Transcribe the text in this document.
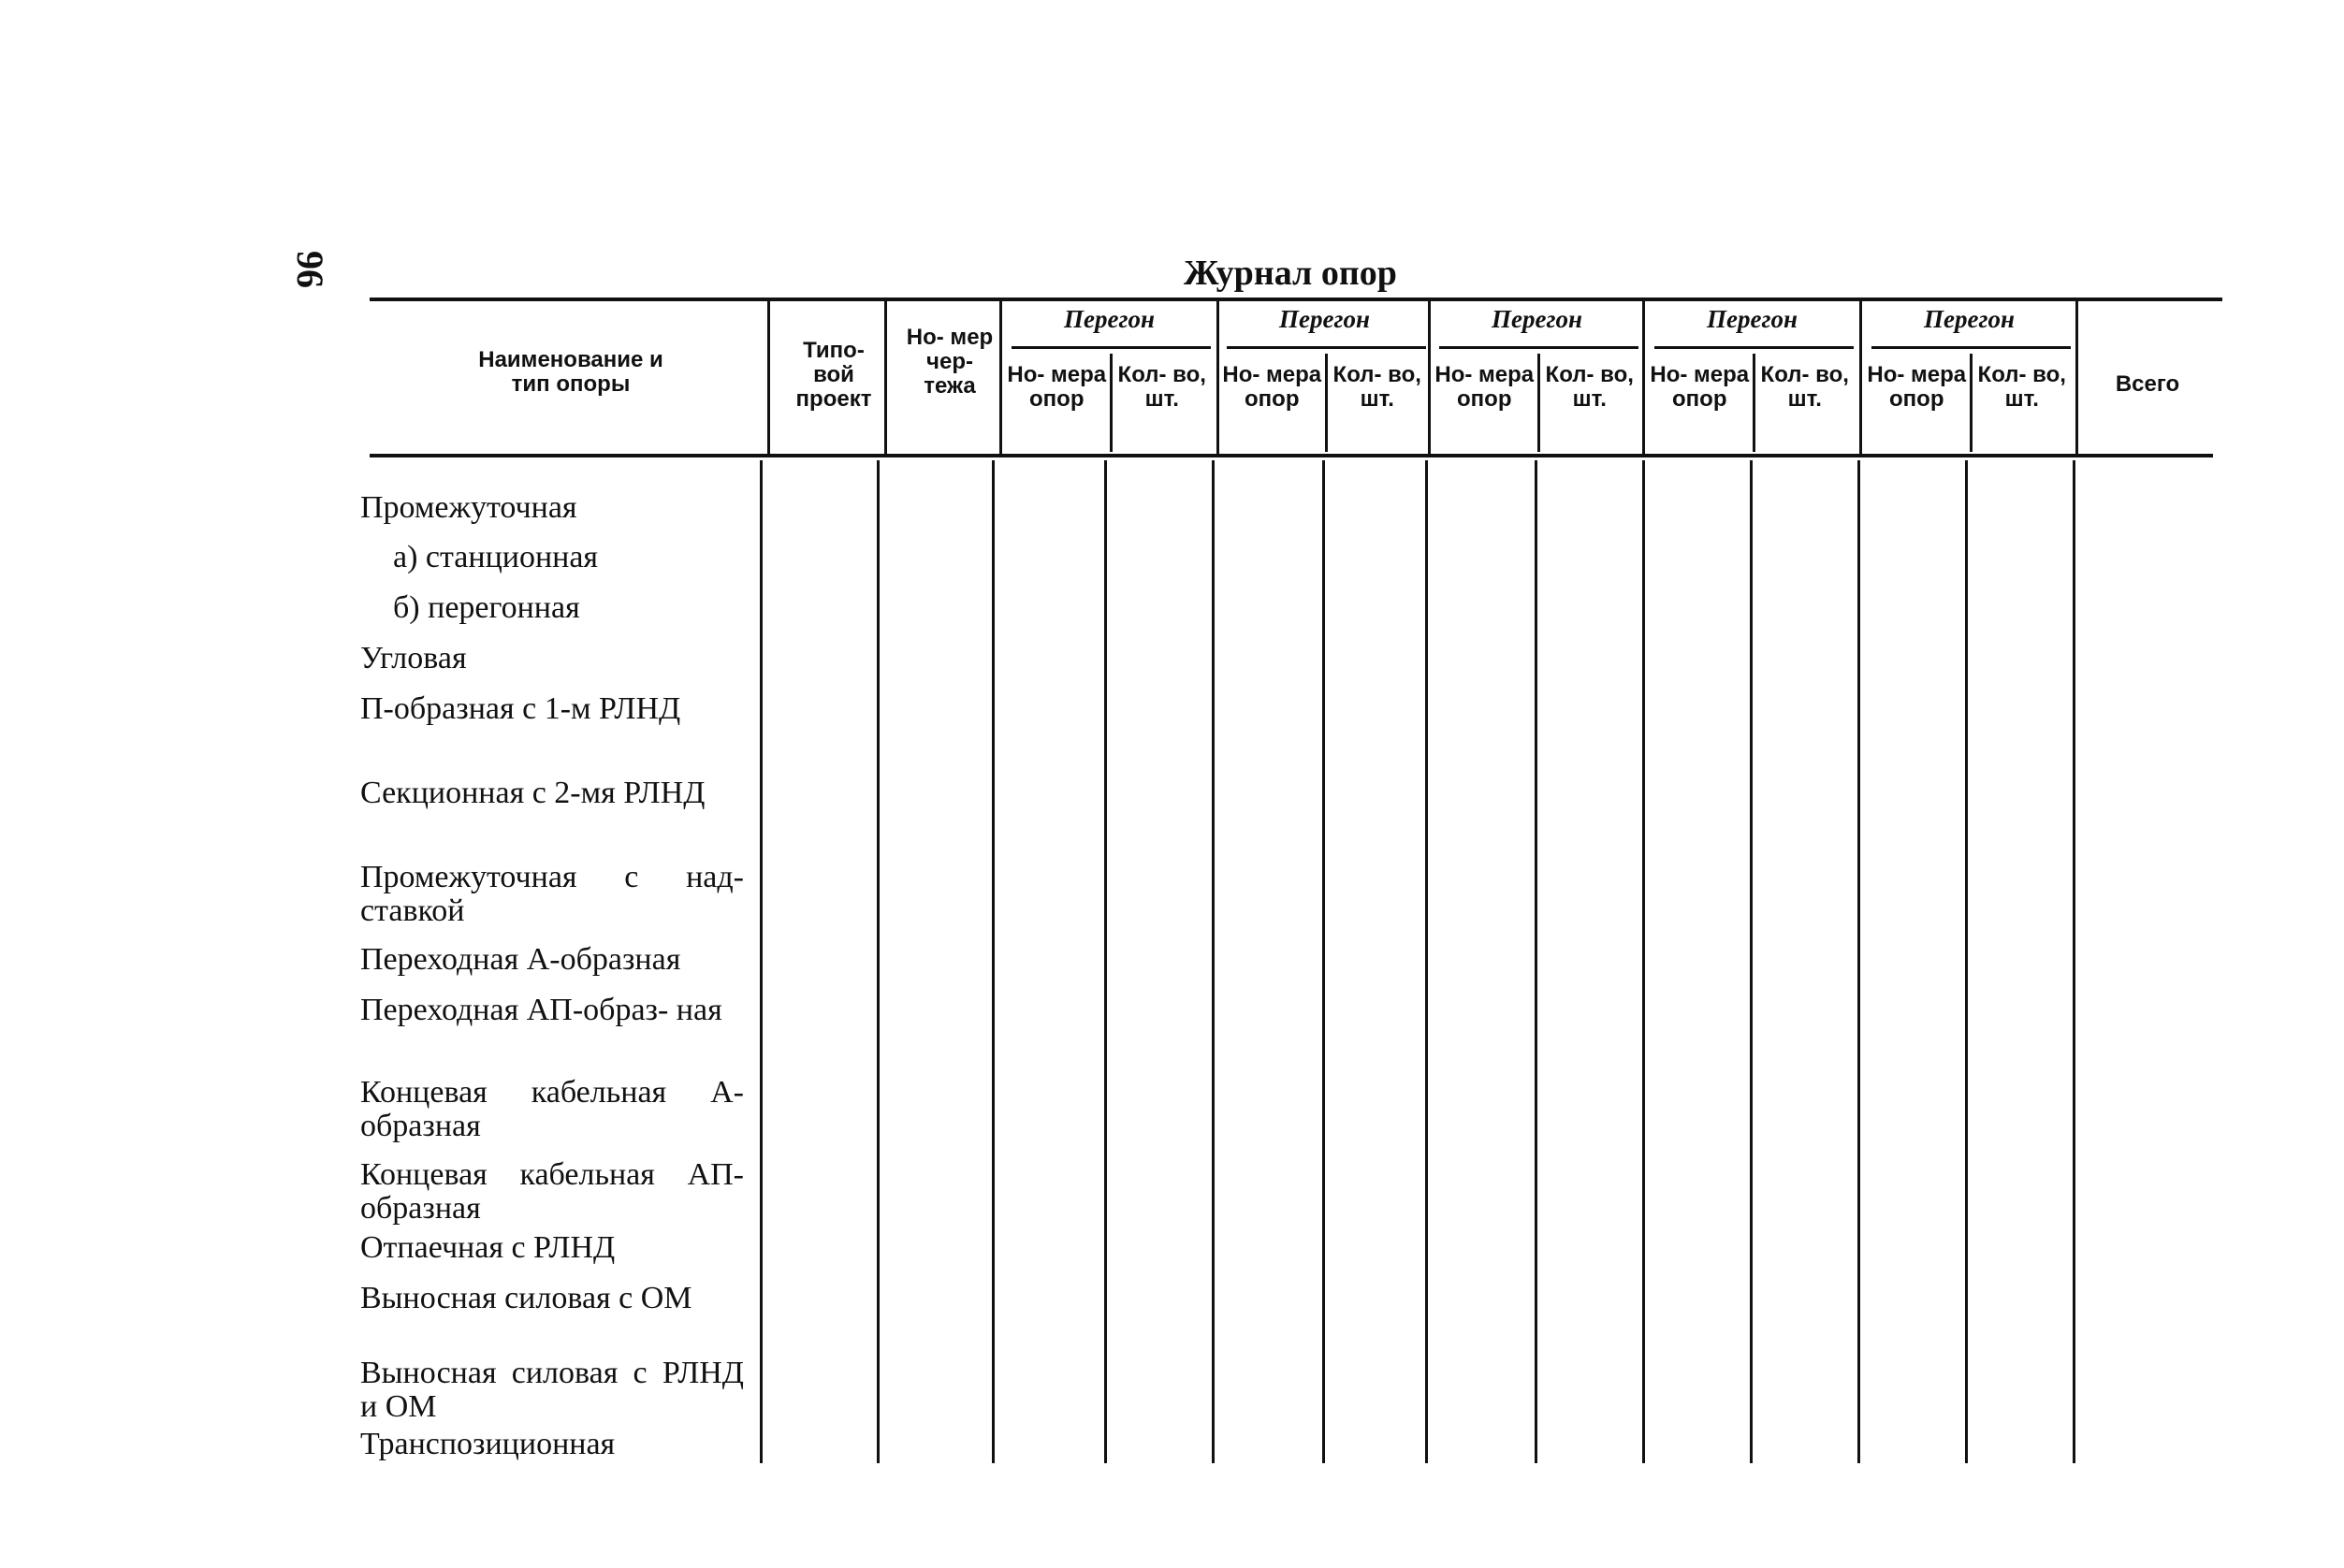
96	Журнал опор
Наименование и тип опоры
Типо- вой проект
Но- мер чер- тежа	Всего
Перегон
Но- мера опор
Кол- во, шт.
Перегон
Но- мера опор
Кол- во, шт.
Перегон
Но- мера опор
Кол- во, шт.
Перегон
Но- мера опор
Кол- во, шт.
Перегон
Но- мера опор
Кол- во, шт.
Промежуточная
а) станционная
б) перегонная
Угловая
П-образная с 1-м РЛНД
Секционная с 2-мя РЛНД
Промежуточная с над- ставкой
Переходная А-образная
Переходная АП-образ- ная
Концевая кабельная А-образная
Концевая кабельная АП-образная
Отпаечная с РЛНД
Выносная силовая с ОМ
Выносная силовая с РЛНД и ОМ
Транспозиционная
